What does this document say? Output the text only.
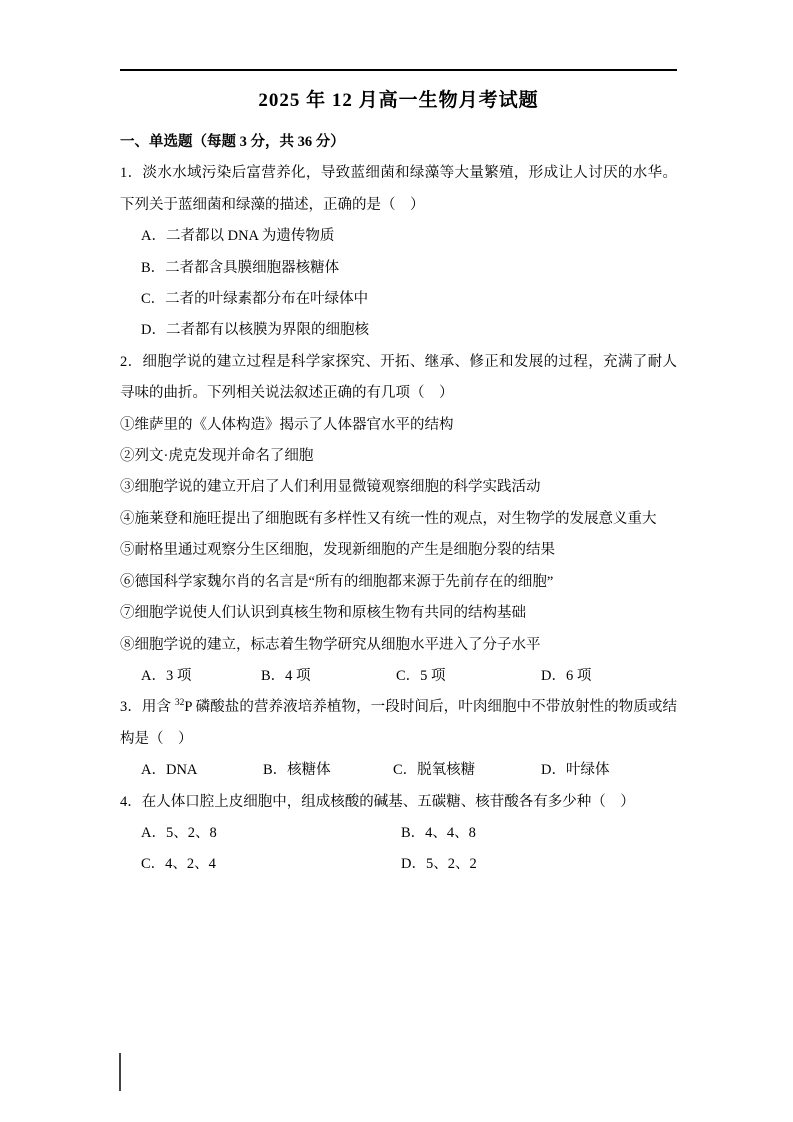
2025 年 12 月高一生物月考试题
一、单选题（每题 3 分，共 36 分）

1．淡水水域污染后富营养化，导致蓝细菌和绿藻等大量繁殖，形成让人讨厌的水华。下列关于蓝细菌和绿藻的描述，正确的是（　）

A．二者都以 DNA 为遗传物质

B．二者都含具膜细胞器核糖体

C．二者的叶绿素都分布在叶绿体中

D．二者都有以核膜为界限的细胞核

2．细胞学说的建立过程是科学家探究、开拓、继承、修正和发展的过程，充满了耐人寻味的曲折。下列相关说法叙述正确的有几项（　）

①维萨里的《人体构造》揭示了人体器官水平的结构

②列文·虎克发现并命名了细胞

③细胞学说的建立开启了人们利用显微镜观察细胞的科学实践活动

④施莱登和施旺提出了细胞既有多样性又有统一性的观点，对生物学的发展意义重大

⑤耐格里通过观察分生区细胞，发现新细胞的产生是细胞分裂的结果

⑥德国科学家魏尔肖的名言是“所有的细胞都来源于先前存在的细胞”

⑦细胞学说使人们认识到真核生物和原核生物有共同的结构基础

⑧细胞学说的建立，标志着生物学研究从细胞水平进入了分子水平

A．3 项	B．4 项	C．5 项	D．6 项

3．用含 $^{32}$P 磷酸盐的营养液培养植物，一段时间后，叶肉细胞中不带放射性的物质或结构是（　）

A．DNA	B．核糖体	C．脱氧核糖	D．叶绿体

4．在人体口腔上皮细胞中，组成核酸的碱基、五碳糖、核苷酸各有多少种（　）

A．5、2、8	B．4、4、8
C．4、2、4	D．5、2、2
